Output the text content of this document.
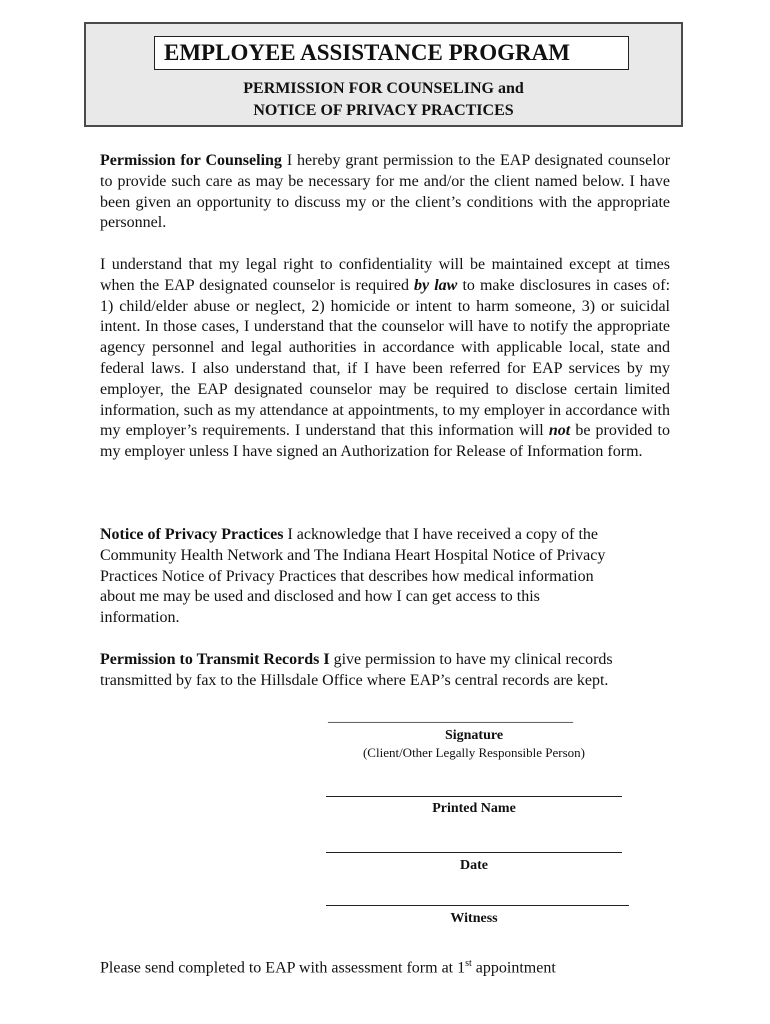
EMPLOYEE ASSISTANCE PROGRAM
PERMISSION FOR COUNSELING and
NOTICE OF PRIVACY PRACTICES

Permission for Counseling I hereby grant permission to the EAP designated counselor to provide such care as may be necessary for me and/or the client named below. I have been given an opportunity to discuss my or the client’s conditions with the appropriate personnel.

I understand that my legal right to confidentiality will be maintained except at times when the EAP designated counselor is required by law to make disclosures in cases of: 1) child/elder abuse or neglect, 2) homicide or intent to harm someone, 3) or suicidal intent. In those cases, I understand that the counselor will have to notify the appropriate agency personnel and legal authorities in accordance with applicable local, state and federal laws. I also understand that, if I have been referred for EAP services by my employer, the EAP designated counselor may be required to disclose certain limited information, such as my attendance at appointments, to my employer in accordance with my employer’s requirements. I understand that this information will not be provided to my employer unless I have signed an Authorization for Release of Information form.

Notice of Privacy Practices I acknowledge that I have received a copy of the
Community Health Network and The Indiana Heart Hospital Notice of Privacy
Practices Notice of Privacy Practices that describes how medical information
about me may be used and disclosed and how I can get access to this
information.
Permission to Transmit Records I give permission to have my clinical records
transmitted by fax to the Hillsdale Office where EAP’s central records are kept.
___________________________________
Signature
(Client/Other Legally Responsible Person)
Printed Name
Date
Witness
Please send completed to EAP with assessment form at 1st appointment
